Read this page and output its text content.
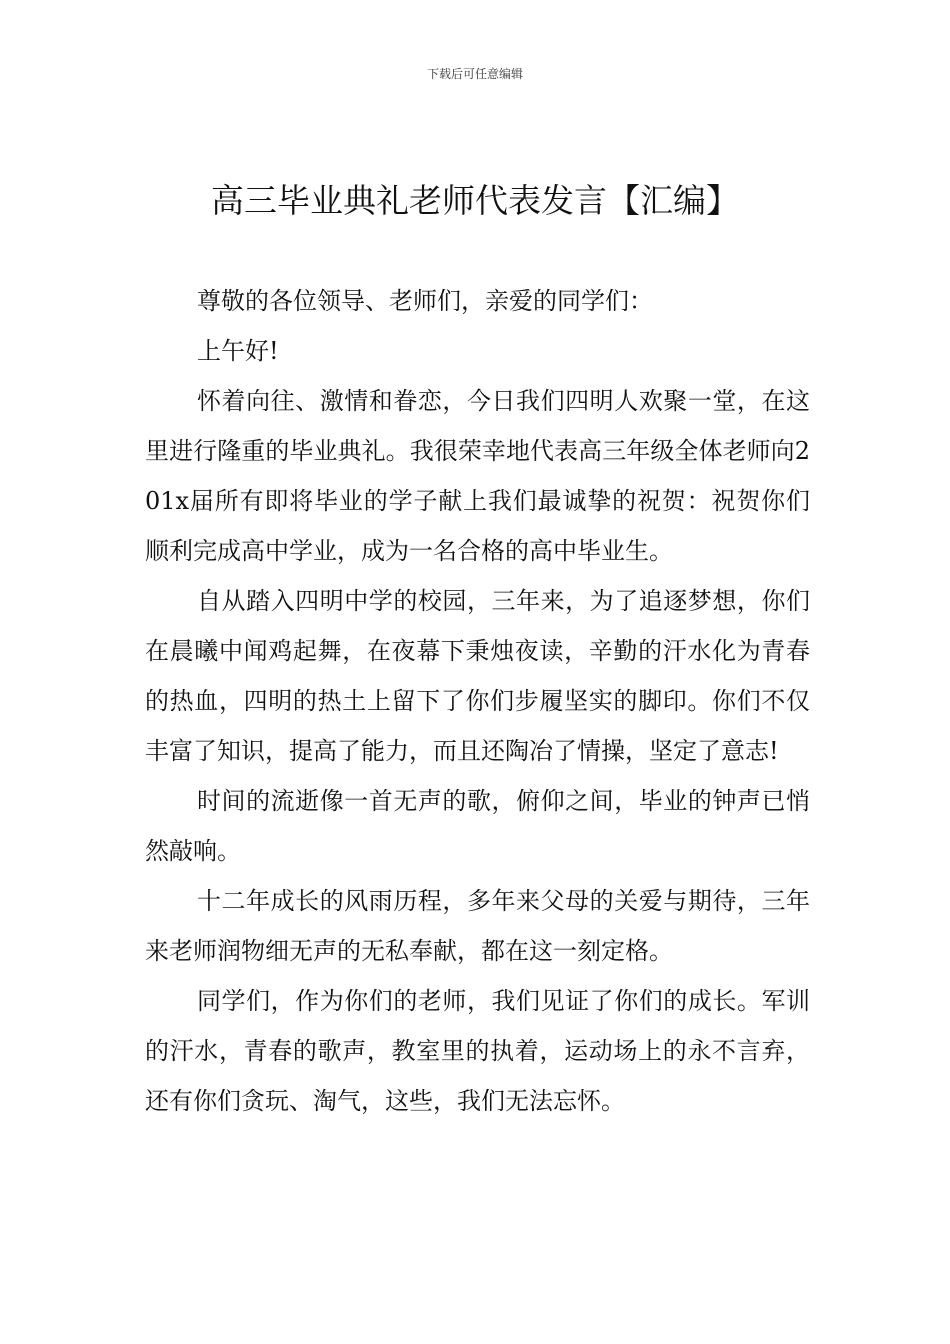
下载后可任意编辑
高三毕业典礼老师代表发言【汇编】

尊敬的各位领导、老师们，亲爱的同学们：

上午好!

怀着向往、激情和眷恋，今日我们四明人欢聚一堂，在这里进行隆重的毕业典礼。我很荣幸地代表高三年级全体老师向201x届所有即将毕业的学子献上我们最诚挚的祝贺：祝贺你们顺利完成高中学业，成为一名合格的高中毕业生。

自从踏入四明中学的校园，三年来，为了追逐梦想，你们在晨曦中闻鸡起舞，在夜幕下秉烛夜读，辛勤的汗水化为青春的热血，四明的热土上留下了你们步履坚实的脚印。你们不仅丰富了知识，提高了能力，而且还陶冶了情操，坚定了意志!

时间的流逝像一首无声的歌，俯仰之间，毕业的钟声已悄然敲响。

十二年成长的风雨历程，多年来父母的关爱与期待，三年来老师润物细无声的无私奉献，都在这一刻定格。

同学们，作为你们的老师，我们见证了你们的成长。军训的汗水，青春的歌声，教室里的执着，运动场上的永不言弃，还有你们贪玩、淘气，这些，我们无法忘怀。
